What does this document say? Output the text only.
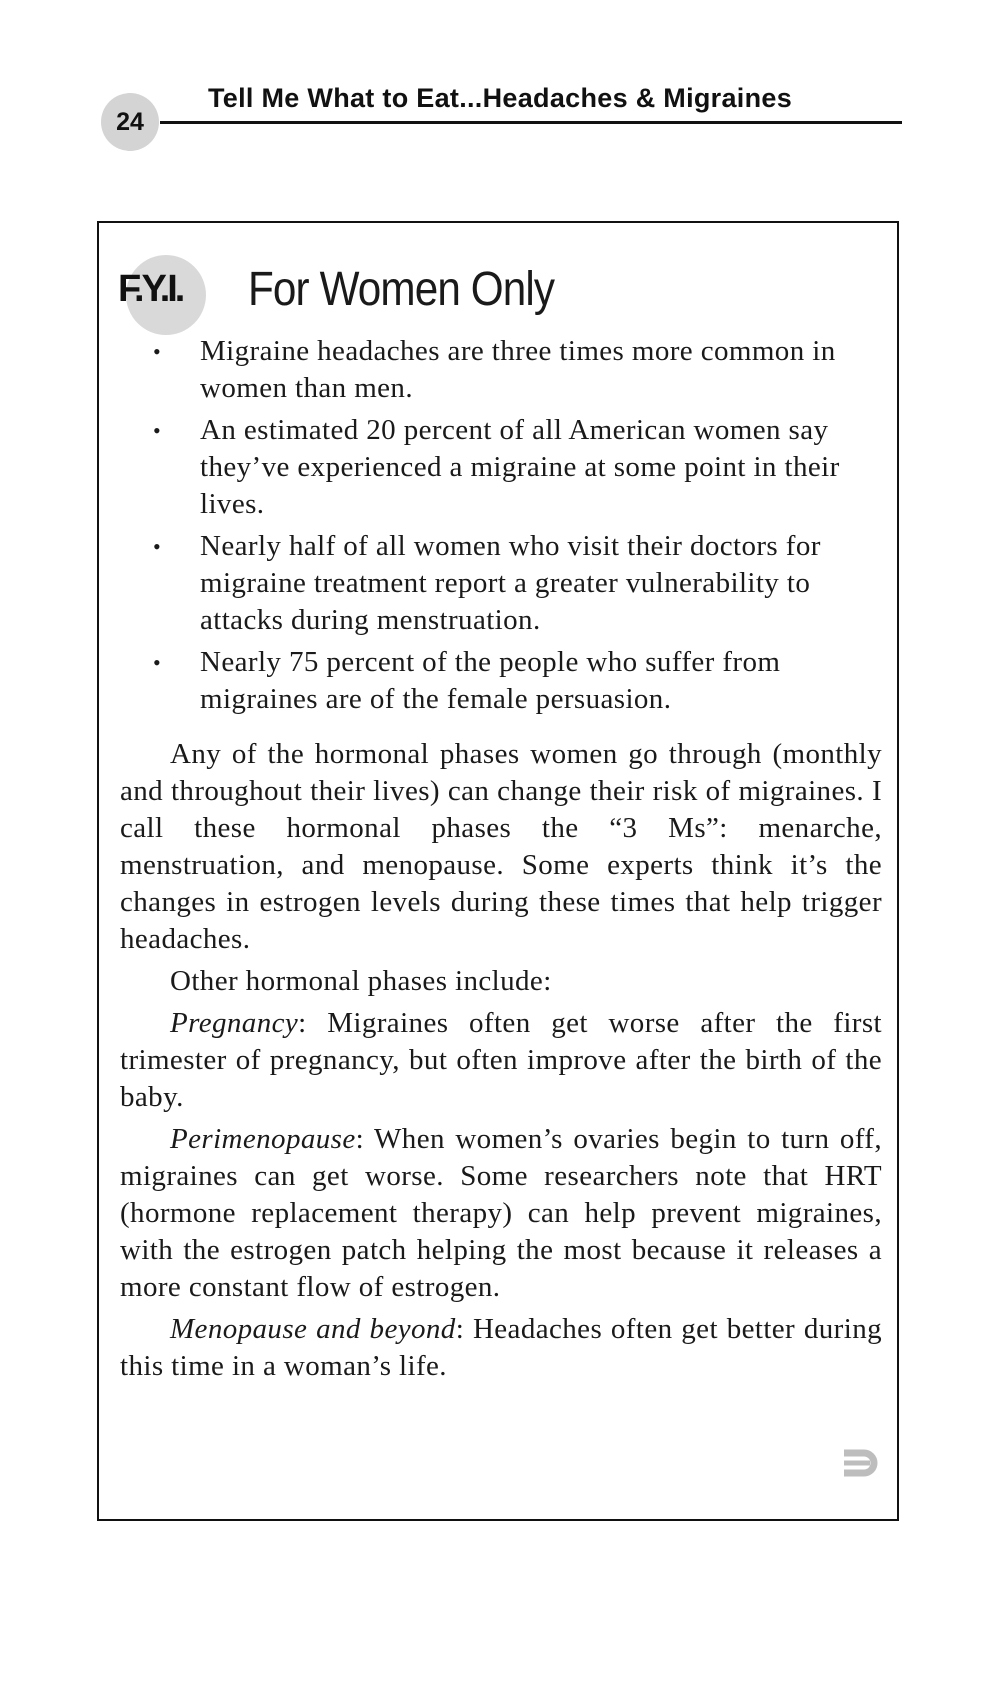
24
Tell Me What to Eat...Headaches & Migraines
F.Y.I. For Women Only
• Migraine headaches are three times more common in women than men.
• An estimated 20 percent of all American women say they’ve experienced a migraine at some point in their lives.
• Nearly half of all women who visit their doctors for migraine treatment report a greater vulnerability to attacks during menstruation.
• Nearly 75 percent of the people who suffer from migraines are of the female persuasion.

Any of the hormonal phases women go through (monthly and throughout their lives) can change their risk of migraines. I call these hormonal phases the “3 Ms”: menarche, menstruation, and menopause. Some experts think it’s the changes in estrogen levels during these times that help trigger headaches.

Other hormonal phases include:

Pregnancy: Migraines often get worse after the first trimester of pregnancy, but often improve after the birth of the baby.

Perimenopause: When women’s ovaries begin to turn off, migraines can get worse. Some researchers note that HRT (hormone replacement therapy) can help prevent migraines, with the estrogen patch helping the most because it releases a more constant flow of estrogen.

Menopause and beyond: Headaches often get better during this time in a woman’s life.
